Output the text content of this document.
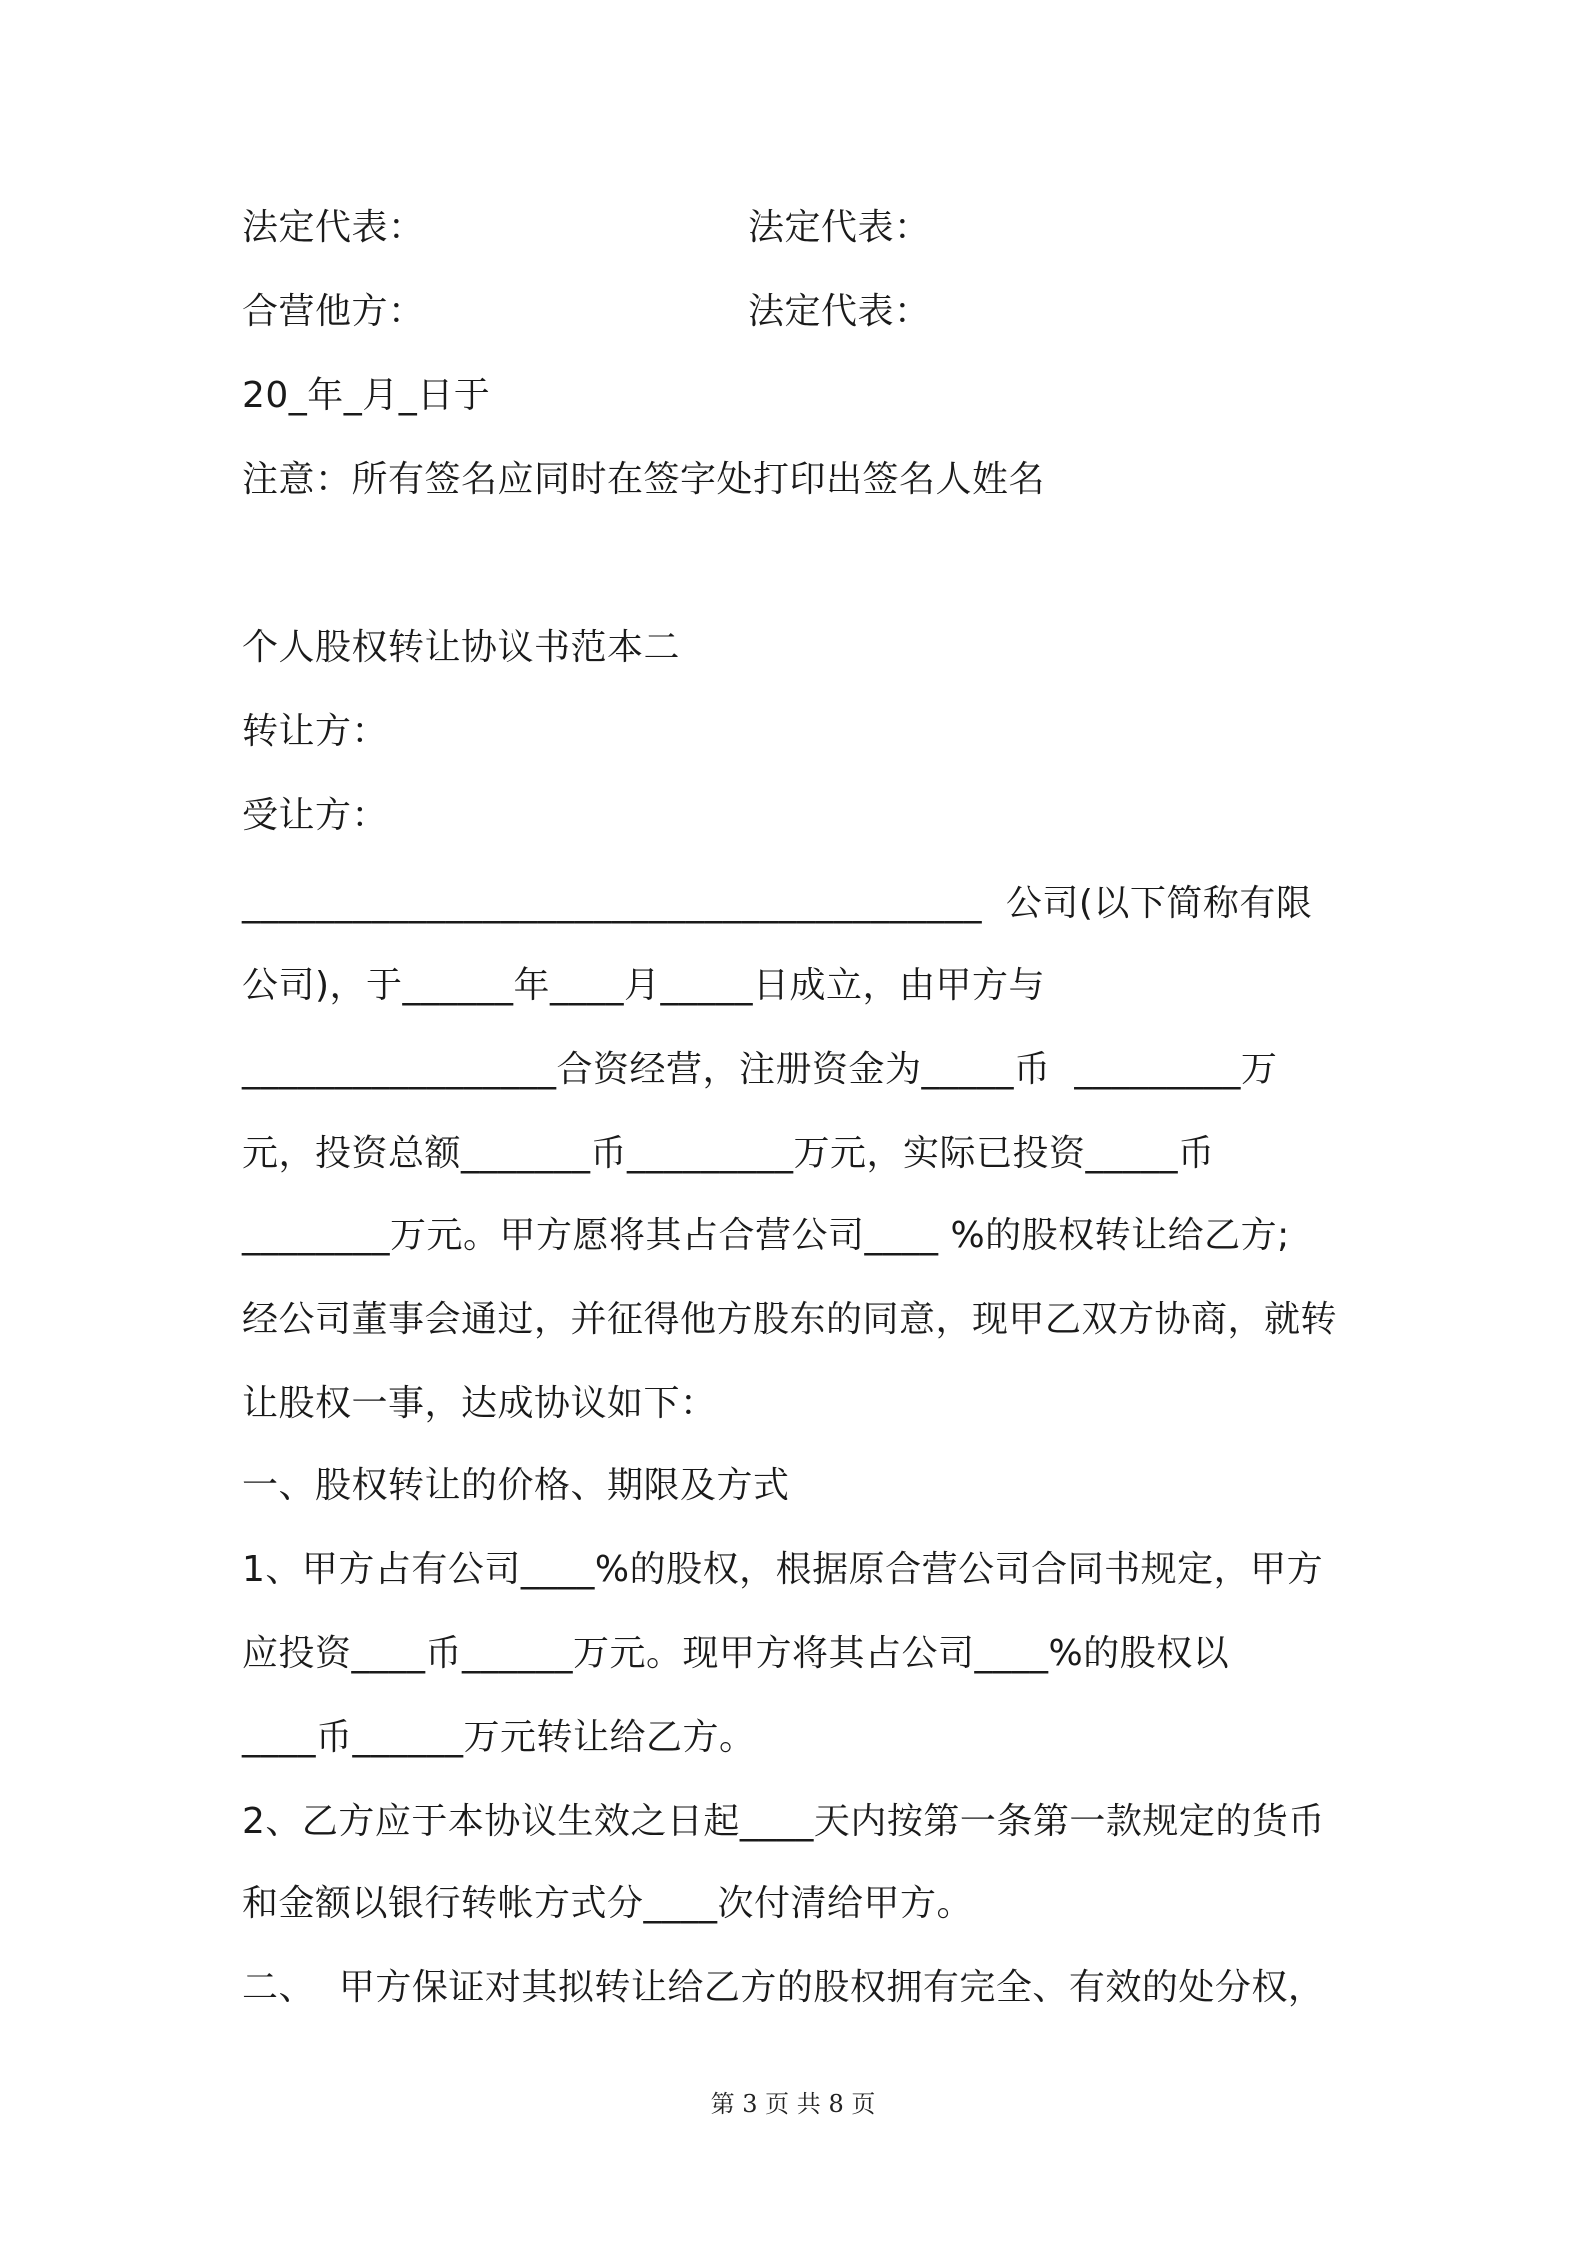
法定代表：	法定代表：
合营他方：	法定代表：
20_年_月_日于
注意：所有签名应同时在签字处打印出签名人姓名
个人股权转让协议书范本二
转让方：
受让方：
________________________________________  公司(以下简称有限
公司)，于______年____月_____日成立，由甲方与
_________________合资经营，注册资金为_____币  _________万
元，投资总额_______币_________万元，实际已投资_____币
________万元。甲方愿将其占合营公司____ %的股权转让给乙方;
经公司董事会通过，并征得他方股东的同意，现甲乙双方协商，就转
让股权一事，达成协议如下：
一、股权转让的价格、期限及方式
1、甲方占有公司____%的股权，根据原合营公司合同书规定，甲方
应投资____币______万元。现甲方将其占公司____%的股权以
____币______万元转让给乙方。
2、乙方应于本协议生效之日起____天内按第一条第一款规定的货币
和金额以银行转帐方式分____次付清给甲方。
二、  甲方保证对其拟转让给乙方的股权拥有完全、有效的处分权，
第 3 页 共 8 页
